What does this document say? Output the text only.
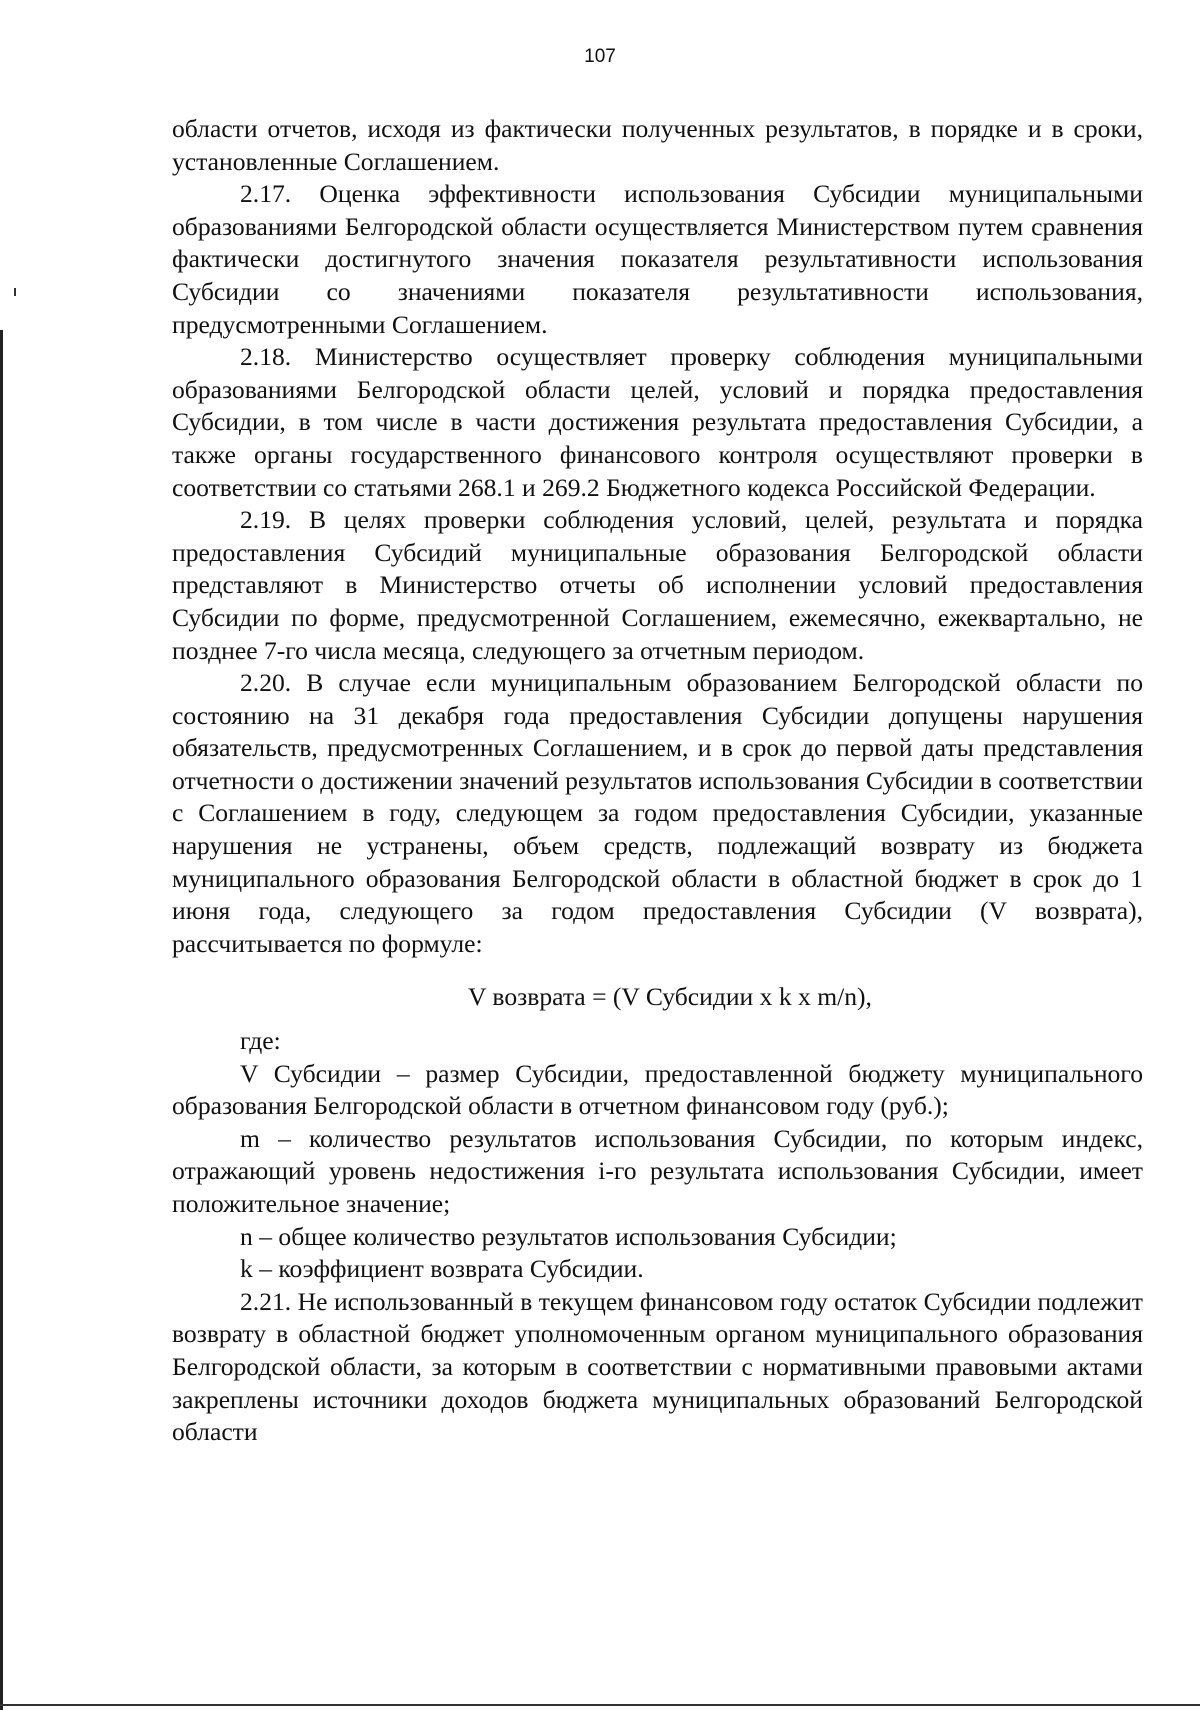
107

области отчетов, исходя из фактически полученных результатов, в порядке и в сроки, установленные Соглашением.

2.17. Оценка эффективности использования Субсидии муниципальными образованиями Белгородской области осуществляется Министерством путем сравнения фактически достигнутого значения показателя результативности использования Субсидии со значениями показателя результативности использования, предусмотренными Соглашением.

2.18. Министерство осуществляет проверку соблюдения муниципальными образованиями Белгородской области целей, условий и порядка предоставления Субсидии, в том числе в части достижения результата предоставления Субсидии, а также органы государственного финансового контроля осуществляют проверки в соответствии со статьями 268.1 и 269.2 Бюджетного кодекса Российской Федерации.

2.19. В целях проверки соблюдения условий, целей, результата и порядка предоставления Субсидий муниципальные образования Белгородской области представляют в Министерство отчеты об исполнении условий предоставления Субсидии по форме, предусмотренной Соглашением, ежемесячно, ежеквартально, не позднее 7-го числа месяца, следующего за отчетным периодом.

2.20. В случае если муниципальным образованием Белгородской области по состоянию на 31 декабря года предоставления Субсидии допущены нарушения обязательств, предусмотренных Соглашением, и в срок до первой даты представления отчетности о достижении значений результатов использования Субсидии в соответствии с Соглашением в году, следующем за годом предоставления Субсидии, указанные нарушения не устранены, объем средств, подлежащий возврату из бюджета муниципального образования Белгородской области в областной бюджет в срок до 1 июня года, следующего за годом предоставления Субсидии (V возврата), рассчитывается по формуле:

V возврата = (V Субсидии x k x m/n),

где:

V Субсидии – размер Субсидии, предоставленной бюджету муниципального образования Белгородской области в отчетном финансовом году (руб.);

m – количество результатов использования Субсидии, по которым индекс, отражающий уровень недостижения i-го результата использования Субсидии, имеет положительное значение;

n – общее количество результатов использования Субсидии;

k – коэффициент возврата Субсидии.

2.21. Не использованный в текущем финансовом году остаток Субсидии подлежит возврату в областной бюджет уполномоченным органом муниципального образования Белгородской области, за которым в соответствии с нормативными правовыми актами закреплены источники доходов бюджета муниципальных образований Белгородской области
